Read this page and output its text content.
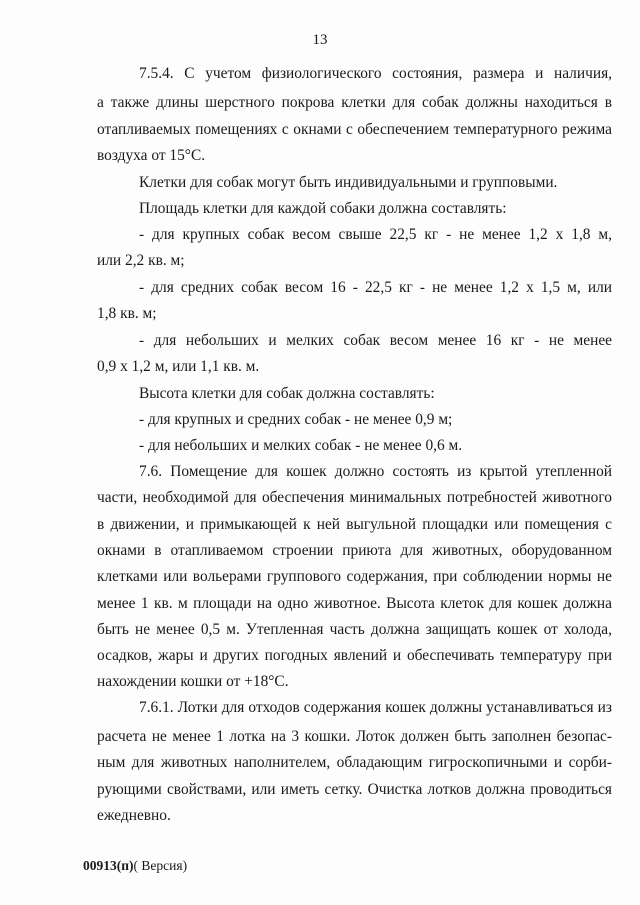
13
7.5.4. С учетом физиологического состояния, размера и наличия,
а также длины шерстного покрова клетки для собак должны находиться в
отапливаемых помещениях с окнами с обеспечением температурного режима
воздуха от 15°С.
Клетки для собак могут быть индивидуальными и групповыми.
Площадь клетки для каждой собаки должна составлять:
- для крупных собак весом свыше 22,5 кг - не менее 1,2 х 1,8 м,
или 2,2 кв. м;
- для средних собак весом 16 - 22,5 кг - не менее 1,2 х 1,5 м, или
1,8 кв. м;
- для небольших и мелких собак весом менее 16 кг - не менее
0,9 х 1,2 м, или 1,1 кв. м.
Высота клетки для собак должна составлять:
- для крупных и средних собак - не менее 0,9 м;
- для небольших и мелких собак - не менее 0,6 м.
7.6. Помещение для кошек должно состоять из крытой утепленной
части, необходимой для обеспечения минимальных потребностей животного
в движении, и примыкающей к ней выгульной площадки или помещения с
окнами в отапливаемом строении приюта для животных, оборудованном
клетками или вольерами группового содержания, при соблюдении нормы не
менее 1 кв. м площади на одно животное. Высота клеток для кошек должна
быть не менее 0,5 м. Утепленная часть должна защищать кошек от холода,
осадков, жары и других погодных явлений и обеспечивать температуру при
нахождении кошки от +18°С.
7.6.1. Лотки для отходов содержания кошек должны устанавливаться из
расчета не менее 1 лотка на 3 кошки. Лоток должен быть заполнен безопас-
ным для животных наполнителем, обладающим гигроскопичными и сорби-
рующими свойствами, или иметь сетку. Очистка лотков должна проводиться
ежедневно.
00913(п)( Версия)
